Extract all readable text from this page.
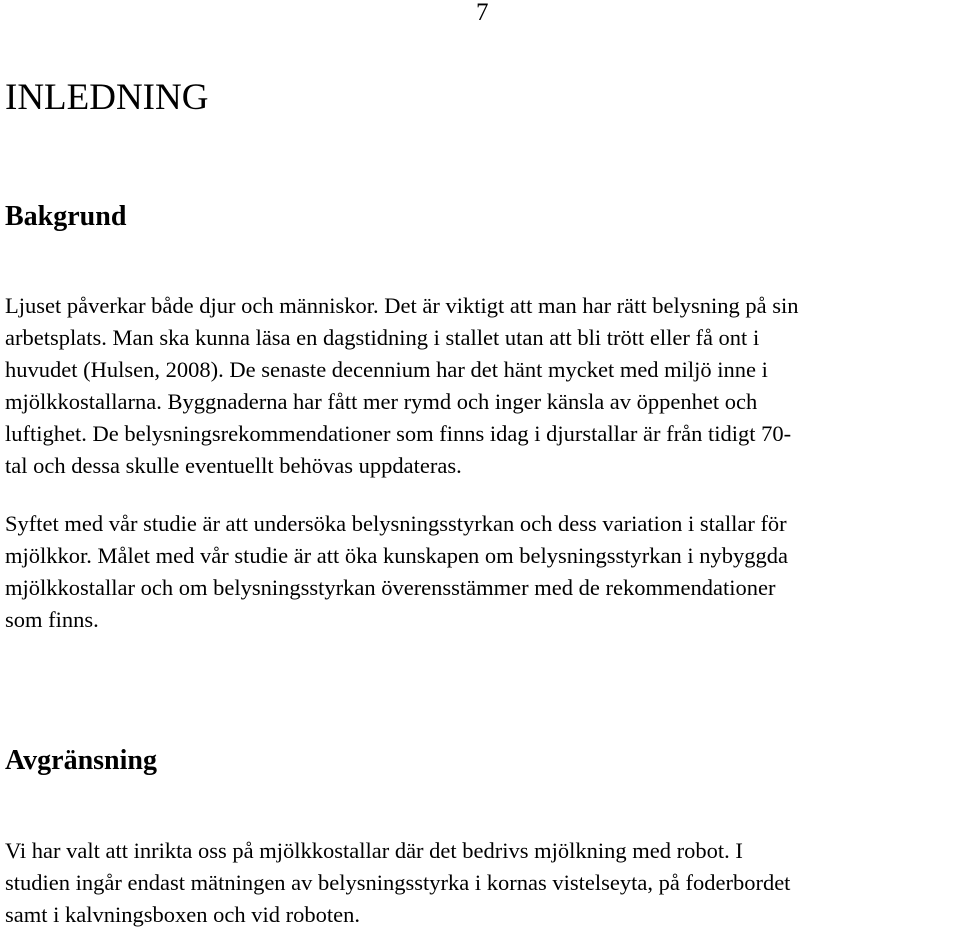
7
INLEDNING
Bakgrund

Ljuset påverkar både djur och människor. Det är viktigt att man har rätt belysning på sin
arbetsplats. Man ska kunna läsa en dagstidning i stallet utan att bli trött eller få ont i
huvudet (Hulsen, 2008). De senaste decennium har det hänt mycket med miljö inne i
mjölkkostallarna. Byggnaderna har fått mer rymd och inger känsla av öppenhet och
luftighet. De belysningsrekommendationer som finns idag i djurstallar är från tidigt 70-
tal och dessa skulle eventuellt behövas uppdateras.

Syftet med vår studie är att undersöka belysningsstyrkan och dess variation i stallar för
mjölkkor. Målet med vår studie är att öka kunskapen om belysningsstyrkan i nybyggda
mjölkkostallar och om belysningsstyrkan överensstämmer med de rekommendationer
som finns.

Avgränsning

Vi har valt att inrikta oss på mjölkkostallar där det bedrivs mjölkning med robot. I
studien ingår endast mätningen av belysningsstyrka i kornas vistelseyta, på foderbordet
samt i kalvningsboxen och vid roboten.
